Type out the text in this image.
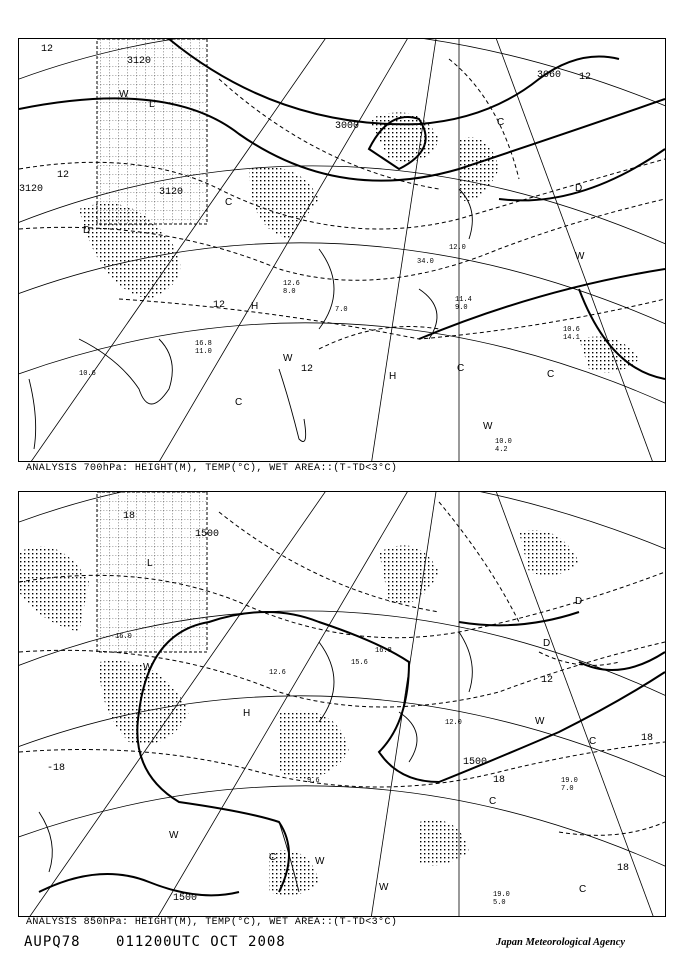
3120
3120	3120
3000
3060
12
12
12
12
12
H
H
L
W
W
W
W
C
C
C
C
C
D
D
10.6
11.4
9.0
10.0
4.2
10.6
14.1
16.8
11.0
7.0
12.6
8.0
34.0
12.0
ANALYSIS 700hPa: HEIGHT(M), TEMP(°C), WET AREA::(T-TD<3°C)
1500
1500
1500
12
18
18
18
18
-18
H
L
W
W
W
W
W
C
C
C
C
D
D
19.0
5.0
19.0
7.0
16.0
12.6
16.8
15.6
9.6
12.0
ANALYSIS 850hPa: HEIGHT(M), TEMP(°C), WET AREA::(T-TD<3°C)
AUPQ78	011200UTC OCT 2008	Japan Meteorological Agency
